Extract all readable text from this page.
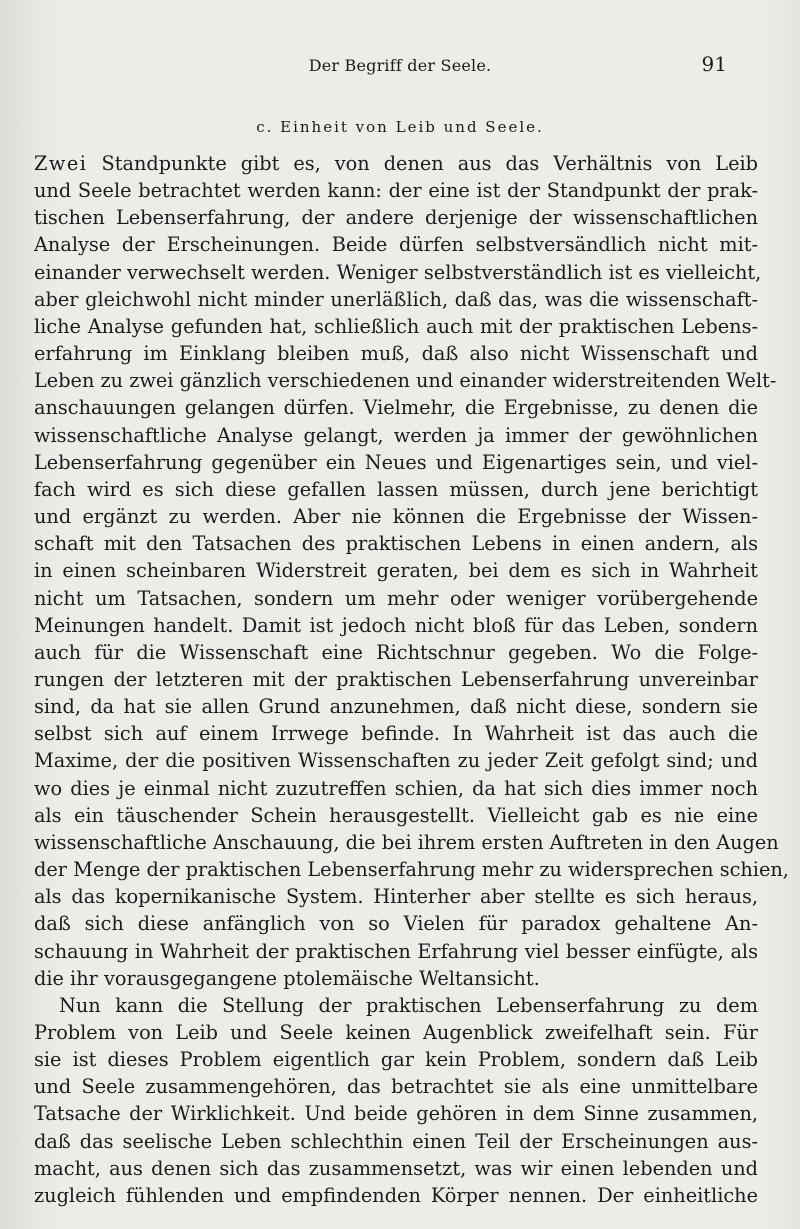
Der Begriff der Seele.	91
c. Einheit von Leib und Seele.
Zwei Standpunkte gibt es, von denen aus das Verhältnis von Leib
und Seele betrachtet werden kann: der eine ist der Standpunkt der prak-
tischen Lebenserfahrung, der andere derjenige der wissenschaftlichen
Analyse der Erscheinungen. Beide dürfen selbstversändlich nicht mit-
einander verwechselt werden. Weniger selbstverständlich ist es vielleicht,
aber gleichwohl nicht minder unerläßlich, daß das, was die wissenschaft-
liche Analyse gefunden hat, schließlich auch mit der praktischen Lebens-
erfahrung im Einklang bleiben muß, daß also nicht Wissenschaft und
Leben zu zwei gänzlich verschiedenen und einander widerstreitenden Welt-
anschauungen gelangen dürfen. Vielmehr, die Ergebnisse, zu denen die
wissenschaftliche Analyse gelangt, werden ja immer der gewöhnlichen
Lebenserfahrung gegenüber ein Neues und Eigenartiges sein, und viel-
fach wird es sich diese gefallen lassen müssen, durch jene berichtigt
und ergänzt zu werden. Aber nie können die Ergebnisse der Wissen-
schaft mit den Tatsachen des praktischen Lebens in einen andern, als
in einen scheinbaren Widerstreit geraten, bei dem es sich in Wahrheit
nicht um Tatsachen, sondern um mehr oder weniger vorübergehende
Meinungen handelt. Damit ist jedoch nicht bloß für das Leben, sondern
auch für die Wissenschaft eine Richtschnur gegeben. Wo die Folge-
rungen der letzteren mit der praktischen Lebenserfahrung unvereinbar
sind, da hat sie allen Grund anzunehmen, daß nicht diese, sondern sie
selbst sich auf einem Irrwege befinde. In Wahrheit ist das auch die
Maxime, der die positiven Wissenschaften zu jeder Zeit gefolgt sind; und
wo dies je einmal nicht zuzutreffen schien, da hat sich dies immer noch
als ein täuschender Schein herausgestellt. Vielleicht gab es nie eine
wissenschaftliche Anschauung, die bei ihrem ersten Auftreten in den Augen
der Menge der praktischen Lebenserfahrung mehr zu widersprechen schien,
als das kopernikanische System. Hinterher aber stellte es sich heraus,
daß sich diese anfänglich von so Vielen für paradox gehaltene An-
schauung in Wahrheit der praktischen Erfahrung viel besser einfügte, als
die ihr vorausgegangene ptolemäische Weltansicht.
Nun kann die Stellung der praktischen Lebenserfahrung zu dem
Problem von Leib und Seele keinen Augenblick zweifelhaft sein. Für
sie ist dieses Problem eigentlich gar kein Problem, sondern daß Leib
und Seele zusammengehören, das betrachtet sie als eine unmittelbare
Tatsache der Wirklichkeit. Und beide gehören in dem Sinne zusammen,
daß das seelische Leben schlechthin einen Teil der Erscheinungen aus-
macht, aus denen sich das zusammensetzt, was wir einen lebenden und
zugleich fühlenden und empfindenden Körper nennen. Der einheitliche
